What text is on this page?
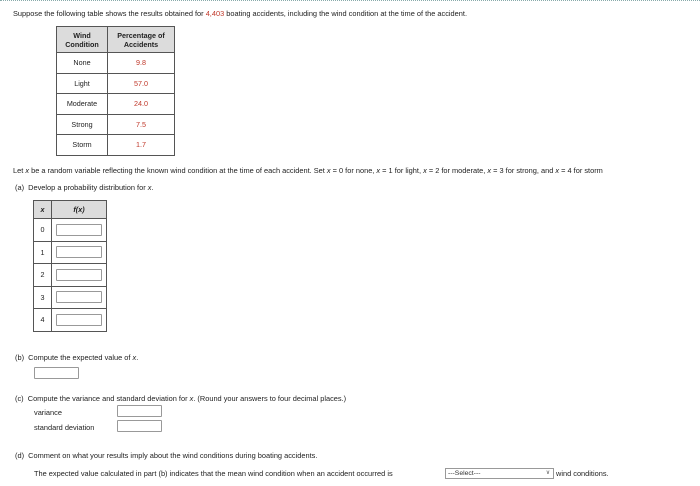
Suppose the following table shows the results obtained for 4,403 boating accidents, including the wind condition at the time of the accident.
Wind Condition	Percentage of Accidents
None	9.8
Light	57.0
Moderate	24.0
Strong	7.5
Storm	1.7
Let x be a random variable reflecting the known wind condition at the time of each accident. Set x = 0 for none, x = 1 for light, x = 2 for moderate, x = 3 for strong, and x = 4 for storm
(a) Develop a probability distribution for x.
x	f(x)
0	
1	
2	
3	
4	
(b) Compute the expected value of x.
(c) Compute the variance and standard deviation for x. (Round your answers to four decimal places.)
variance
standard deviation
(d) Comment on what your results imply about the wind conditions during boating accidents.
The expected value calculated in part (b) indicates that the mean wind condition when an accident occurred is	---Select---	∨ wind conditions.
